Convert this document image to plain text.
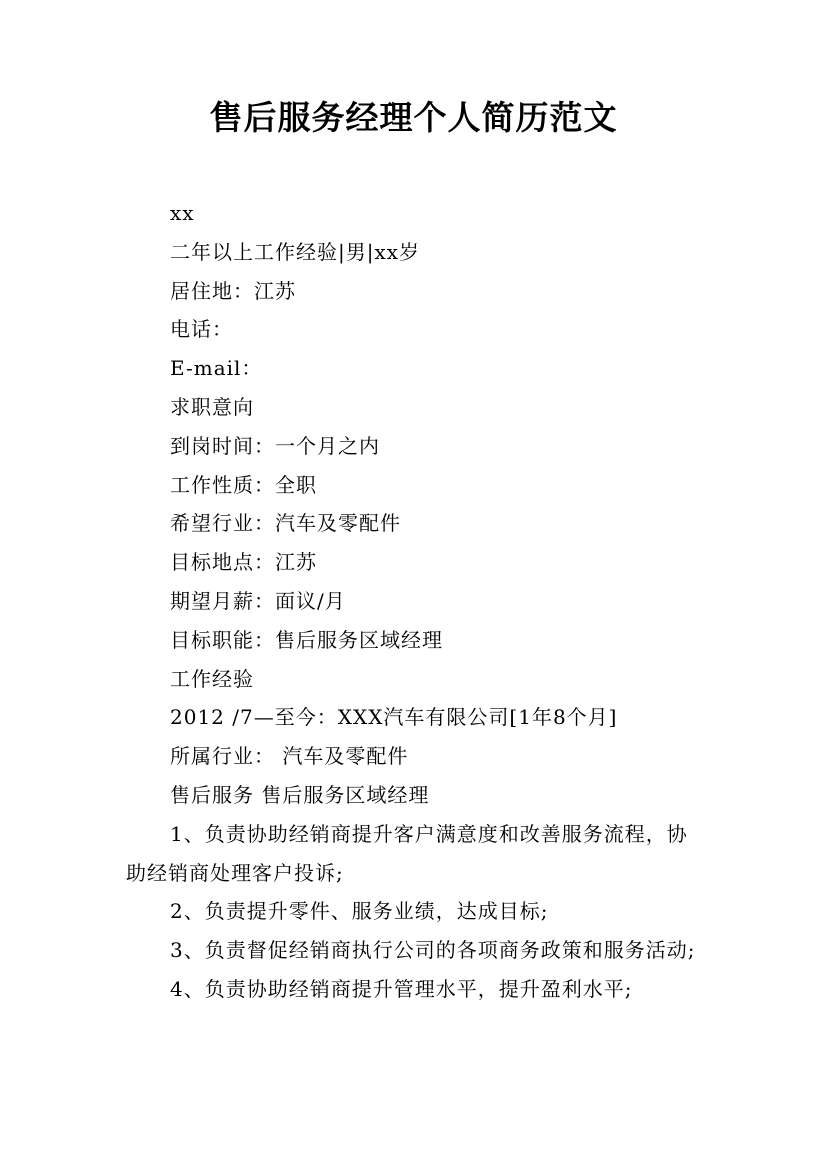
售后服务经理个人简历范文
xx
二年以上工作经验|男|xx岁
居住地：江苏
电话：
E-mail：
求职意向
到岗时间：一个月之内
工作性质：全职
希望行业：汽车及零配件
目标地点：江苏
期望月薪：面议/月
目标职能：售后服务区域经理
工作经验
2012 /7—至今：XXX汽车有限公司[1年8个月]
所属行业： 汽车及零配件
售后服务 售后服务区域经理
1、负责协助经销商提升客户满意度和改善服务流程，协助经销商处理客户投诉;
2、负责提升零件、服务业绩，达成目标;
3、负责督促经销商执行公司的各项商务政策和服务活动;
4、负责协助经销商提升管理水平，提升盈利水平;
